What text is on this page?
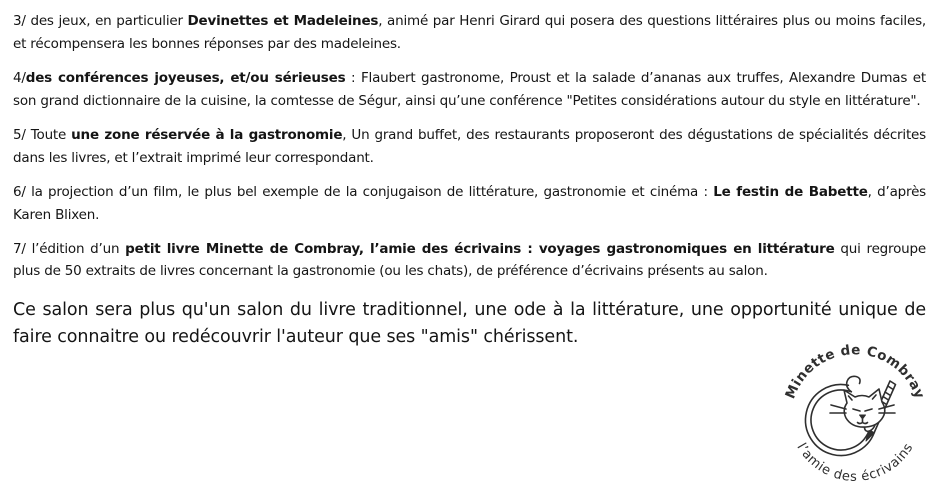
3/ des jeux, en particulier Devinettes et Madeleines, animé par Henri Girard qui posera des questions littéraires plus ou moins faciles, et récompensera les bonnes réponses par des madeleines.

4/des conférences joyeuses, et/ou sérieuses : Flaubert gastronome, Proust et la salade d’ananas aux truffes, Alexandre Dumas et son grand dictionnaire de la cuisine, la comtesse de Ségur, ainsi qu’une conférence "Petites considérations autour du style en littérature".

5/ Toute une zone réservée à la gastronomie, Un grand buffet, des restaurants proposeront des dégustations de spécialités décrites dans les livres, et l’extrait imprimé leur correspondant.

6/ la projection d’un film, le plus bel exemple de la conjugaison de littérature, gastronomie et cinéma : Le festin de Babette, d’après Karen Blixen.

7/ l’édition d’un petit livre Minette de Combray, l’amie des écrivains : voyages gastronomiques en littérature qui regroupe plus de 50 extraits de livres concernant la gastronomie (ou les chats), de préférence d’écrivains présents au salon.

Ce salon sera plus qu'un salon du livre traditionnel, une ode à la littérature, une opportunité unique de faire connaitre ou redécouvrir l'auteur que ses "amis" chérissent.

Minette de Combray
l’amie des écrivains
